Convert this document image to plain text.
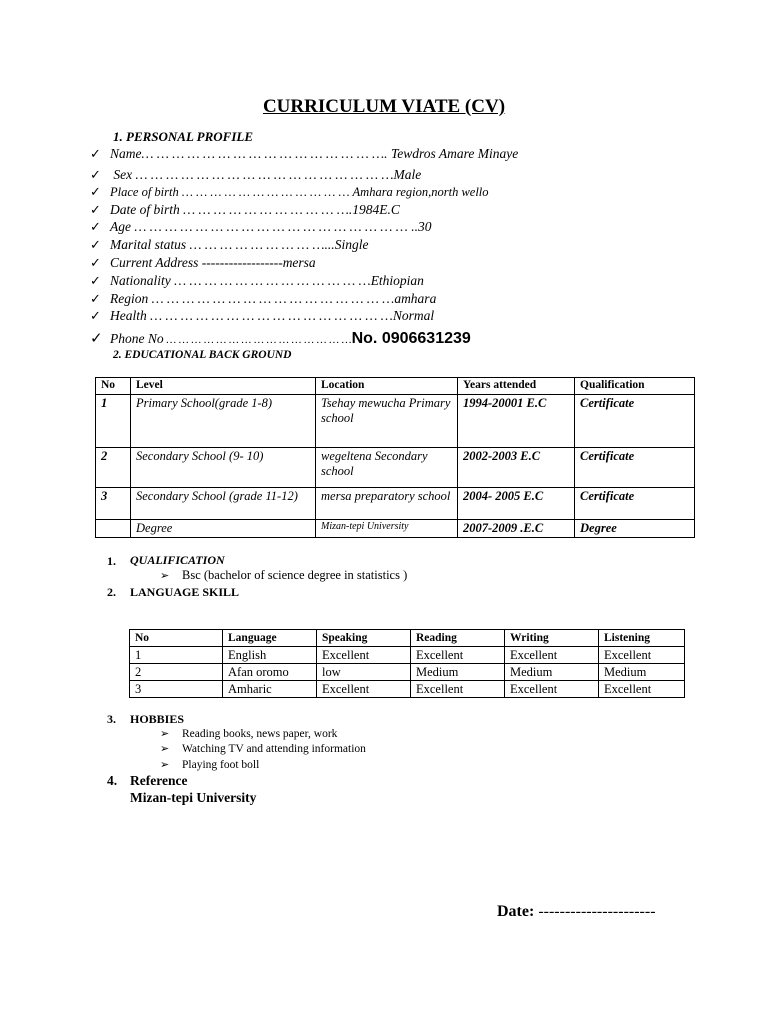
CURRICULUM VIATE (CV)
1. PERSONAL PROFILE
✓ Name… … … … … … … … … … … … … … … …. Tewdros Amare Minaye
✓ Sex … … … … … … … … … … … … … … … … …Male
✓ Place of birth … … … … … … … … … … … … Amhara region,north wello
✓ Date of birth … … … … … … … … … … ….1984E.C
✓ Age … … … … … … … … … … … … … … … … … … ..30
✓ Marital status … … … … … … … … …...Single
✓ Current Address ------------------mersa
✓ Nationality … … … … … … … … … … … … …Ethiopian
✓ Region … … … … … … … … … … … … … … … …amhara
✓ Health … … … … … … … … … … … … … … … …Normal
✓ Phone No … … … … … … … … … … … … … … …No. 0906631239
2. EDUCATIONAL BACK GROUND
No	Level	Location	Years attended	Qualification
1	Primary School(grade 1-8)	Tsehay mewucha Primary school	1994-20001 E.C	Certificate
2	Secondary School (9- 10)	wegeltena Secondary school	2002-2003 E.C	Certificate
3	Secondary School (grade 11-12)	mersa preparatory school	2004- 2005 E.C	Certificate
	Degree	Mizan-tepi University	2007-2009 .E.C	Degree
1. QUALIFICATION
➢ Bsc (bachelor of science degree in statistics )
2. LANGUAGE SKILL
No	Language	Speaking	Reading	Writing	Listening
1	English	Excellent	Excellent	Excellent	Excellent
2	Afan oromo	low	Medium	Medium	Medium
3	Amharic	Excellent	Excellent	Excellent	Excellent
3. HOBBIES
➢ Reading books, news paper, work
➢ Watching TV and attending information
➢ Playing foot boll
4. Reference
Mizan-tepi University
Date: ----------------------
